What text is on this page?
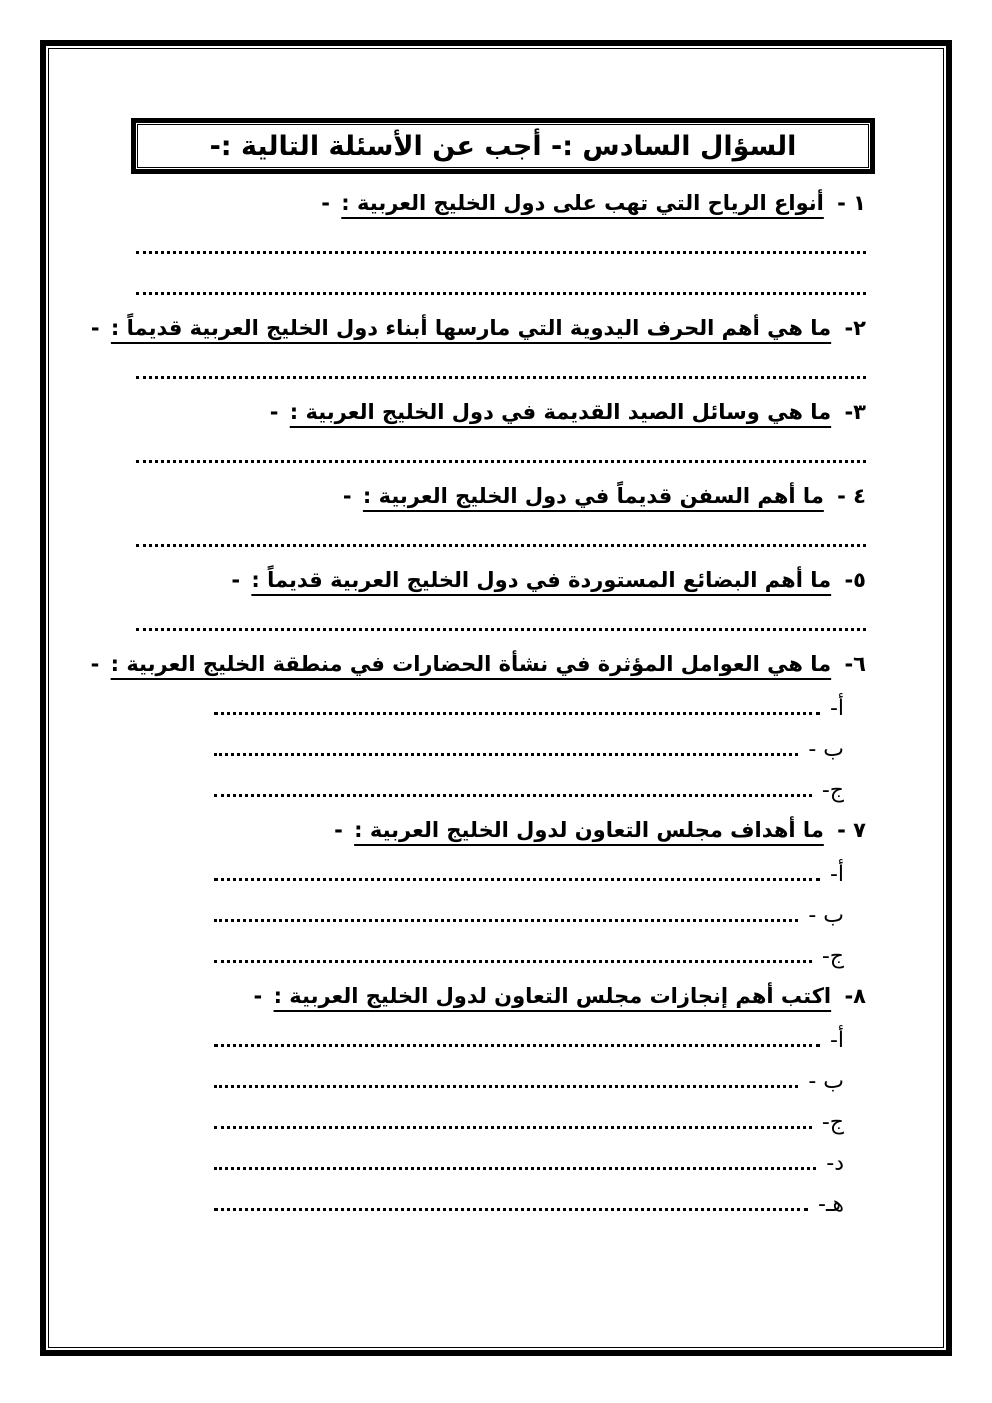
السؤال السادس :- أجب عن الأسئلة التالية :-
١ - أنواع الرياح التي تهب على دول الخليج العربية : -
٢- ما هي أهم الحرف اليدوية التي مارسها أبناء دول الخليج العربية قديماً : -
٣- ما هي وسائل الصيد القديمة في دول الخليج العربية : -
٤ - ما أهم السفن قديماً في دول الخليج العربية : -
٥- ما أهم البضائع المستوردة في دول الخليج العربية قديماً : -
٦- ما هي العوامل المؤثرة في نشأة الحضارات في منطقة الخليج العربية : -
أ-
ب -
ج-
٧ - ما أهداف مجلس التعاون لدول الخليج العربية : -
أ-
ب -
ج-
٨- اكتب أهم إنجازات مجلس التعاون لدول الخليج العربية : -
أ-
ب -
ج-
د-
هـ-
